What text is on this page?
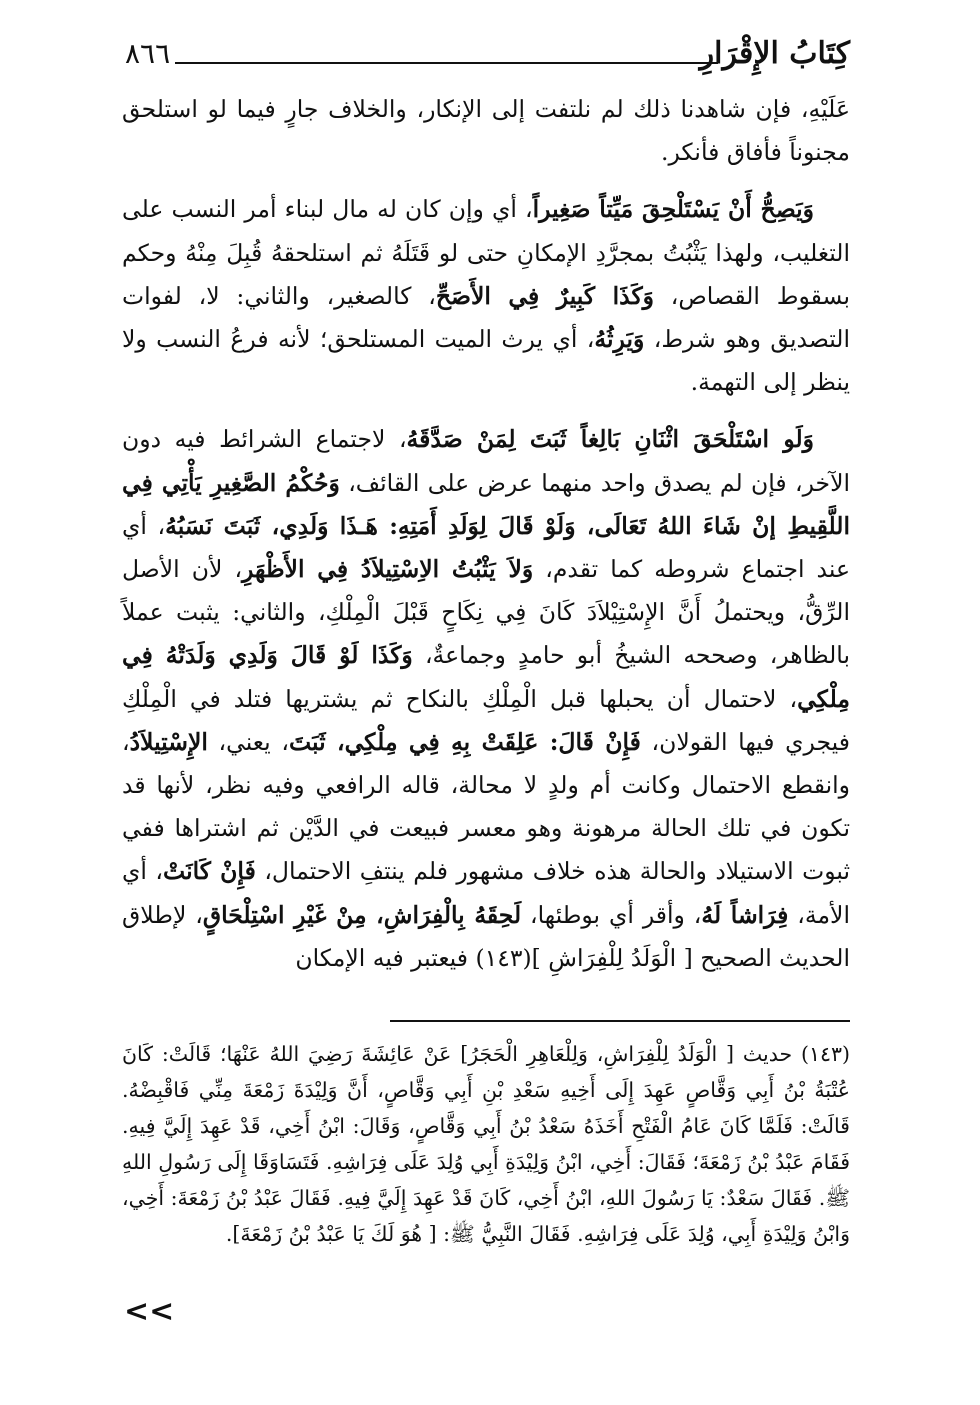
كِتَابُ الإِقْرَارِ
٨٦٦

عَلَيْهِ، فإن شاهدنا ذلك لم نلتفت إلى الإنكار، والخلاف جارٍ فيما لو استلحق مجنوناً فأفاق فأنكر.

وَيَصِحُّ أَنْ يَسْتَلْحِقَ مَيِّتاً صَغِيراً، أي وإن كان له مال لبناء أمر النسب على التغليب، ولهذا يَثْبُتُ بمجرَّدِ الإمكانِ حتى لو قَتَلَهُ ثم استلحقهُ قُبِلَ مِنْهُ وحكم بسقوط القصاص، وَكَذَا كَبِيرٌ فِي الأَصَحِّ، كالصغير، والثاني: لا، لفوات التصديق وهو شرط، وَيَرِثُهُ، أي يرث الميت المستلحق؛ لأنه فرعُ النسب ولا ينظر إلى التهمة.

وَلَو اسْتَلْحَقَ اثْنَانِ بَالِغاً ثَبَتَ لِمَنْ صَدَّقَهُ، لاجتماع الشرائط فيه دون الآخر، فإن لم يصدق واحد منهما عرض على القائف، وَحُكْمُ الصَّغِيرِ يَأْتِي فِي اللَّقِيطِ إنْ شَاءَ اللهُ تَعَالَى، وَلَوْ قَالَ لِوَلَدِ أَمَتِهِ: هَـذَا وَلَدِي، ثَبَتَ نَسَبُهُ، أي عند اجتماع شروطه كما تقدم، وَلاَ يَثْبُتُ الاِسْتِيلاَدُ فِي الأَظْهَرِ، لأن الأصل الرِّقُّ، ويحتملُ أَنَّ الإِسْتِيْلاَدَ كَانَ فِي نِكَاحٍ قَبْلَ الْمِلْكِ، والثاني: يثبت عملاً بالظاهر، وصححه الشيخُ أبو حامدٍ وجماعةٌ، وَكَذَا لَوْ قَالَ وَلَدِي وَلَدَتْهُ فِي مِلْكِي، لاحتمال أن يحبلها قبل الْمِلْكِ بالنكاح ثم يشتريها فتلد في الْمِلْكِ فيجري فيها القولان، فَإِنْ قَالَ: عَلِقَتْ بِهِ فِي مِلْكِي، ثَبَتَ، يعني، الإِسْتِيلاَدُ، وانقطع الاحتمال وكانت أم ولدٍ لا محالة، قاله الرافعي وفيه نظر، لأنها قد تكون في تلك الحالة مرهونة وهو معسر فبيعت في الدَّيْن ثم اشتراها ففي ثبوت الاستيلاد والحالة هذه خلاف مشهور فلم ينتفِ الاحتمال، فَإِنْ كَانَتْ، أي الأمة، فِرَاشاً لَهُ، وأقر أي بوطئها، لَحِقَهُ بِالْفِرَاشِ، مِنْ غَيْرِ اسْتِلْحَاقٍ، لإطلاق الحديث الصحيح [ الْوَلَدُ لِلْفِرَاشِ ](١٤٣) فيعتبر فيه الإمكان

(١٤٣) حديث [ الْوَلَدُ لِلْفِرَاشِ، وَلِلْعَاهِرِ الْحَجَرُ] عَنْ عَائِشَةَ رَضِيَ اللهُ عَنْهَا؛ قَالَتْ: كَانَ عُتْبَةُ بْنُ أَبِي وَقَّاصٍ عَهِدَ إِلَى أَخِيهِ سَعْدِ بْنِ أَبِي وَقَّاصٍ، أَنَّ وَلِيْدَةَ زَمْعَةَ مِنِّي فَاقْبِضْهُ. قَالَتْ: فَلَمَّا كَانَ عَامُ الْفَتْحِ أَخَذَهُ سَعْدُ بْنُ أَبِي وَقَّاصٍ، وَقَالَ: ابْنُ أَخِي، قَدْ عَهِدَ إِلَيَّ فِيهِ. فَقَامَ عَبْدُ بْنُ زَمْعَةَ؛ فَقَالَ: أَخِي، ابْنُ وَلِيْدَةِ أَبِي وُلِدَ عَلَى فِرَاشِهِ. فَتَسَاوَقَا إِلَى رَسُولِ اللهِ ﷺ. فَقَالَ سَعْدٌ: يَا رَسُولَ اللهِ، ابْنُ أَخِي، كَانَ قَدْ عَهِدَ إِلَيَّ فِيهِ. فَقَالَ عَبْدُ بْنُ زَمْعَةَ: أَخِي، وَابْنُ وَلِيْدَةِ أَبِي، وُلِدَ عَلَى فِرَاشِهِ. فَقَالَ النَّبِيُّ ﷺ: [ هُوَ لَكَ يَا عَبْدُ بْنُ زَمْعَةَ].

<<
